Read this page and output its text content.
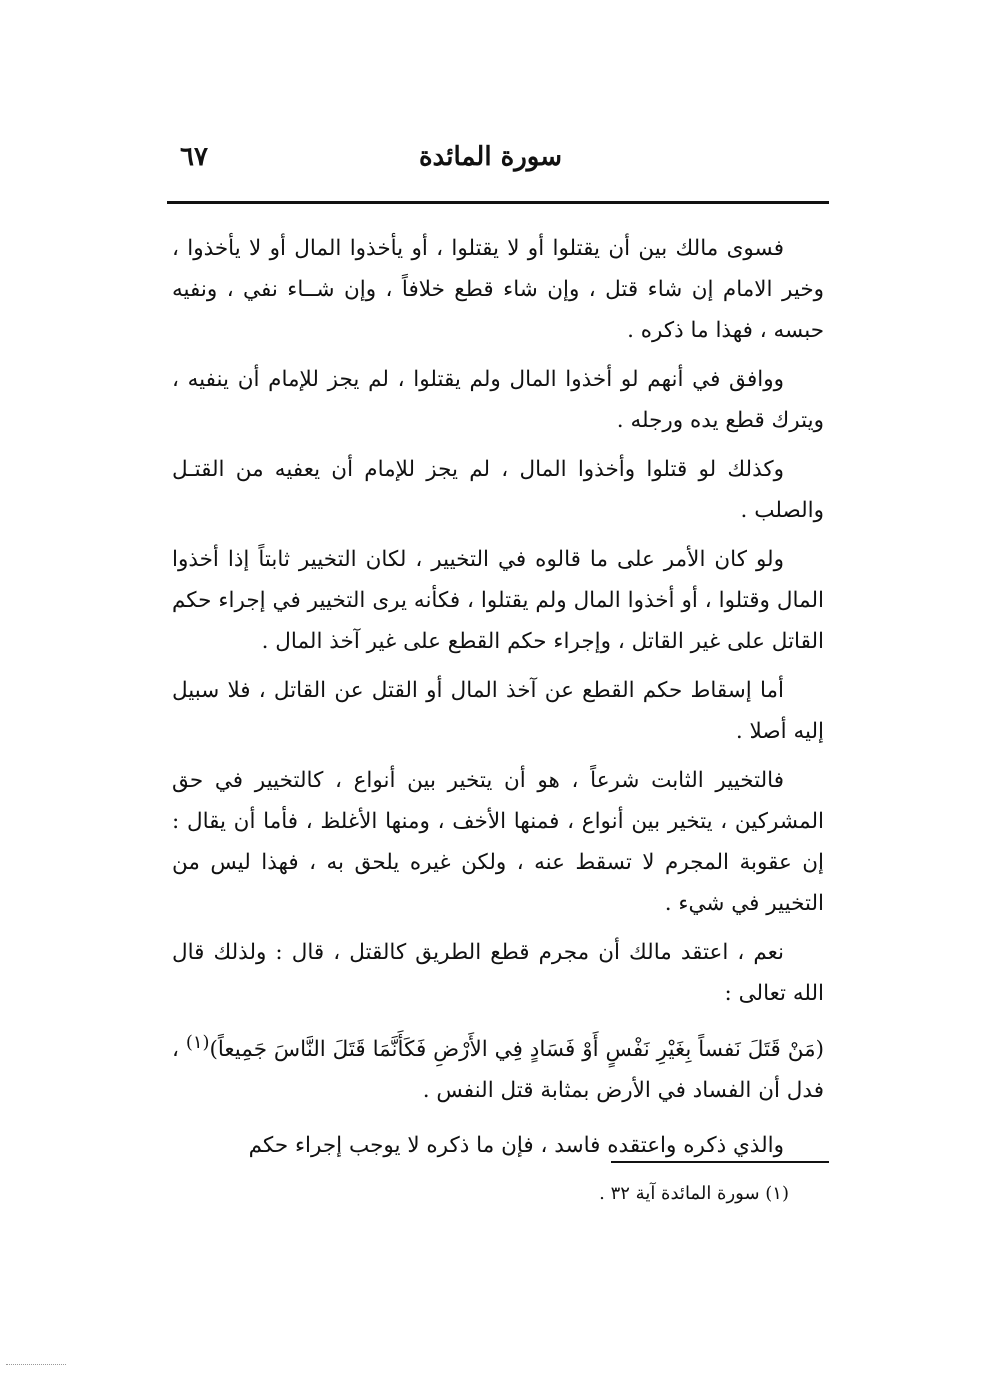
سورة المائدة
٦٧

فسوى مالك بين أن يقتلوا أو لا يقتلوا ، أو يأخذوا المال أو لا يأخذوا ، وخير الامام إن شاء قتل ، وإن شاء قطع خلافاً ، وإن شــاء نفي ، ونفيه حبسه ، فهذا ما ذكره .

ووافق في أنهم لو أخذوا المال ولم يقتلوا ، لم يجز للإمام أن ينفيه ، ويترك قطع يده ورجله .

وكذلك لو قتلوا وأخذوا المال ، لم يجز للإمام أن يعفيه من القتـل والصلب .

ولو كان الأمر على ما قالوه في التخيير ، لكان التخيير ثابتاً إذا أخذوا المال وقتلوا ، أو أخذوا المال ولم يقتلوا ، فكأنه يرى التخيير في إجراء حكم القاتل على غير القاتل ، وإجراء حكم القطع على غير آخذ المال .

أما إسقاط حكم القطع عن آخذ المال أو القتل عن القاتل ، فلا سبيل إليه أصلا .

فالتخيير الثابت شرعاً ، هو أن يتخير بين أنواع ، كالتخيير في حق المشركين ، يتخير بين أنواع ، فمنها الأخف ، ومنها الأغلظ ، فأما أن يقال : إن عقوبة المجرم لا تسقط عنه ، ولكن غيره يلحق به ، فهذا ليس من التخيير في شيء .

نعم ، اعتقد مالك أن مجرم قطع الطريق كالقتل ، قال : ولذلك قال الله تعالى :

(مَنْ قَتَلَ نَفساً بِغَيْرِ نَفْسٍ أَوْ فَسَادٍ فِي الأَرْضِ فَكَأَنَّمَا قَتَلَ النَّاسَ جَمِيعاً)$^{(١)}$ ، فدل أن الفساد في الأرض بمثابة قتل النفس .

والذي ذكره واعتقده فاسد ، فإن ما ذكره لا يوجب إجراء حكم

(١) سورة المائدة آية ٣٢ .
